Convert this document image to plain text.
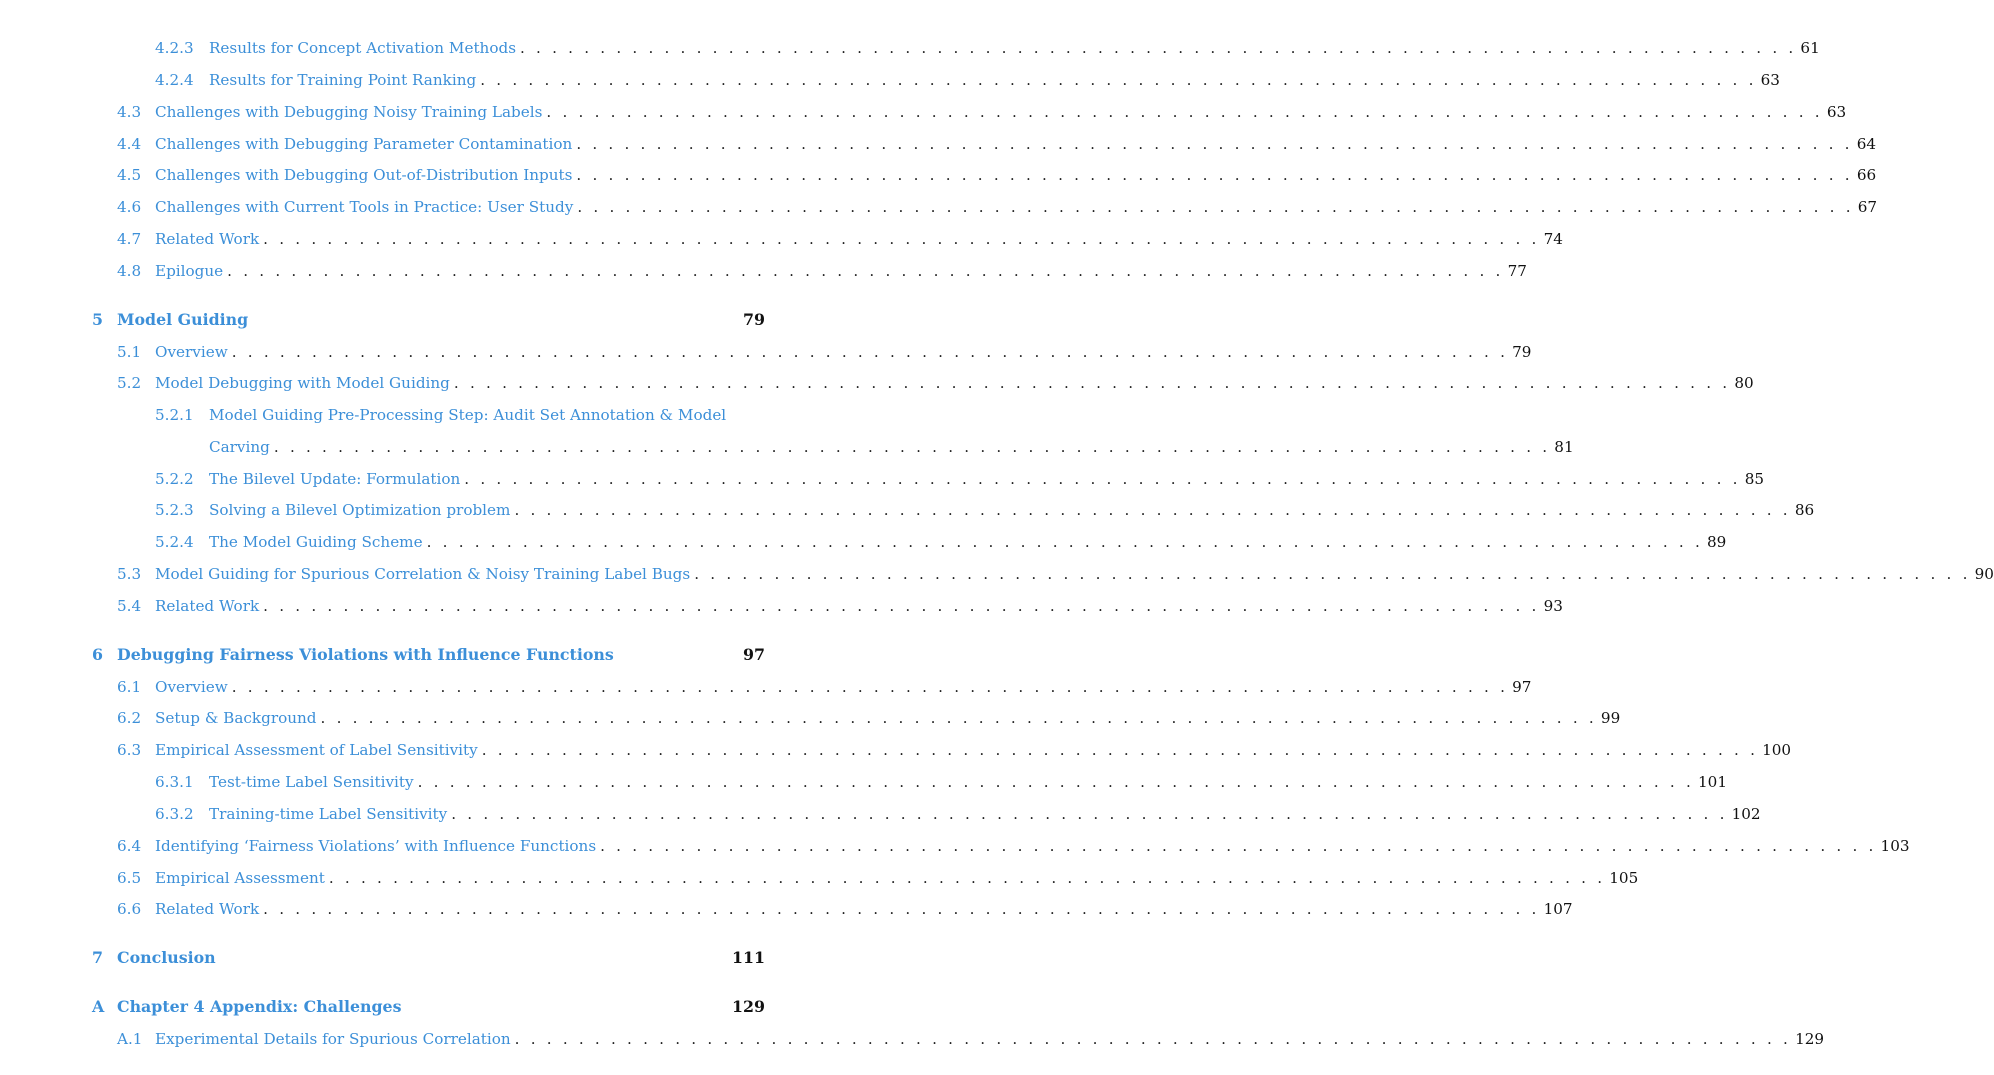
4.2.3	Results for Concept Activation Methods . . . . . . . . . . . . . . . . . . . . . . . . . . . . . . . . . . . . . . . . . . . . . . . . . . . . . . . . . . . . . . . . . . . . . . . . . . . . . . . . 61
4.2.4	Results for Training Point Ranking . . . . . . . . . . . . . . . . . . . . . . . . . . . . . . . . . . . . . . . . . . . . . . . . . . . . . . . . . . . . . . . . . . . . . . . . . . . . . . . . 63
4.3 Challenges with Debugging Noisy Training Labels . . . . . . . . . . . . . . . . . . . . . . . . . . . . . . . . . . . . . . . . . . . . . . . . . . . . . . . . . . . . . . . . . . . . . . . . . . . . . . . . 63
4.4 Challenges with Debugging Parameter Contamination . . . . . . . . . . . . . . . . . . . . . . . . . . . . . . . . . . . . . . . . . . . . . . . . . . . . . . . . . . . . . . . . . . . . . . . . . . . . . . . . 64
4.5 Challenges with Debugging Out-of-Distribution Inputs . . . . . . . . . . . . . . . . . . . . . . . . . . . . . . . . . . . . . . . . . . . . . . . . . . . . . . . . . . . . . . . . . . . . . . . . . . . . . . . . 66
4.6 Challenges with Current Tools in Practice: User Study . . . . . . . . . . . . . . . . . . . . . . . . . . . . . . . . . . . . . . . . . . . . . . . . . . . . . . . . . . . . . . . . . . . . . . . . . . . . . . . . 67
4.7 Related Work . . . . . . . . . . . . . . . . . . . . . . . . . . . . . . . . . . . . . . . . . . . . . . . . . . . . . . . . . . . . . . . . . . . . . . . . . . . . . . . . 74
4.8 Epilogue . . . . . . . . . . . . . . . . . . . . . . . . . . . . . . . . . . . . . . . . . . . . . . . . . . . . . . . . . . . . . . . . . . . . . . . . . . . . . . . . 77
5 Model Guiding	79
5.1 Overview . . . . . . . . . . . . . . . . . . . . . . . . . . . . . . . . . . . . . . . . . . . . . . . . . . . . . . . . . . . . . . . . . . . . . . . . . . . . . . . . 79
5.2 Model Debugging with Model Guiding . . . . . . . . . . . . . . . . . . . . . . . . . . . . . . . . . . . . . . . . . . . . . . . . . . . . . . . . . . . . . . . . . . . . . . . . . . . . . . . . 80
5.2.1	Model Guiding Pre-Processing Step: Audit Set Annotation & Model
Carving . . . . . . . . . . . . . . . . . . . . . . . . . . . . . . . . . . . . . . . . . . . . . . . . . . . . . . . . . . . . . . . . . . . . . . . . . . . . . . . . 81
5.2.2	The Bilevel Update: Formulation . . . . . . . . . . . . . . . . . . . . . . . . . . . . . . . . . . . . . . . . . . . . . . . . . . . . . . . . . . . . . . . . . . . . . . . . . . . . . . . . 85
5.2.3	Solving a Bilevel Optimization problem . . . . . . . . . . . . . . . . . . . . . . . . . . . . . . . . . . . . . . . . . . . . . . . . . . . . . . . . . . . . . . . . . . . . . . . . . . . . . . . . 86
5.2.4	The Model Guiding Scheme . . . . . . . . . . . . . . . . . . . . . . . . . . . . . . . . . . . . . . . . . . . . . . . . . . . . . . . . . . . . . . . . . . . . . . . . . . . . . . . . 89
5.3 Model Guiding for Spurious Correlation & Noisy Training Label Bugs . . . . . . . . . . . . . . . . . . . . . . . . . . . . . . . . . . . . . . . . . . . . . . . . . . . . . . . . . . . . . . . . . . . . . . . . . . . . . . . . 90
5.4 Related Work . . . . . . . . . . . . . . . . . . . . . . . . . . . . . . . . . . . . . . . . . . . . . . . . . . . . . . . . . . . . . . . . . . . . . . . . . . . . . . . . 93
6 Debugging Fairness Violations with Influence Functions	97
6.1 Overview . . . . . . . . . . . . . . . . . . . . . . . . . . . . . . . . . . . . . . . . . . . . . . . . . . . . . . . . . . . . . . . . . . . . . . . . . . . . . . . . 97
6.2 Setup & Background . . . . . . . . . . . . . . . . . . . . . . . . . . . . . . . . . . . . . . . . . . . . . . . . . . . . . . . . . . . . . . . . . . . . . . . . . . . . . . . . 99
6.3 Empirical Assessment of Label Sensitivity . . . . . . . . . . . . . . . . . . . . . . . . . . . . . . . . . . . . . . . . . . . . . . . . . . . . . . . . . . . . . . . . . . . . . . . . . . . . . . . . 100
6.3.1	Test-time Label Sensitivity . . . . . . . . . . . . . . . . . . . . . . . . . . . . . . . . . . . . . . . . . . . . . . . . . . . . . . . . . . . . . . . . . . . . . . . . . . . . . . . . 101
6.3.2	Training-time Label Sensitivity . . . . . . . . . . . . . . . . . . . . . . . . . . . . . . . . . . . . . . . . . . . . . . . . . . . . . . . . . . . . . . . . . . . . . . . . . . . . . . . . 102
6.4 Identifying ‘Fairness Violations’ with Influence Functions . . . . . . . . . . . . . . . . . . . . . . . . . . . . . . . . . . . . . . . . . . . . . . . . . . . . . . . . . . . . . . . . . . . . . . . . . . . . . . . . 103
6.5 Empirical Assessment . . . . . . . . . . . . . . . . . . . . . . . . . . . . . . . . . . . . . . . . . . . . . . . . . . . . . . . . . . . . . . . . . . . . . . . . . . . . . . . . 105
6.6 Related Work . . . . . . . . . . . . . . . . . . . . . . . . . . . . . . . . . . . . . . . . . . . . . . . . . . . . . . . . . . . . . . . . . . . . . . . . . . . . . . . . 107
7 Conclusion	111
A Chapter 4 Appendix: Challenges	129
A.1 Experimental Details for Spurious Correlation . . . . . . . . . . . . . . . . . . . . . . . . . . . . . . . . . . . . . . . . . . . . . . . . . . . . . . . . . . . . . . . . . . . . . . . . . . . . . . . . 129
